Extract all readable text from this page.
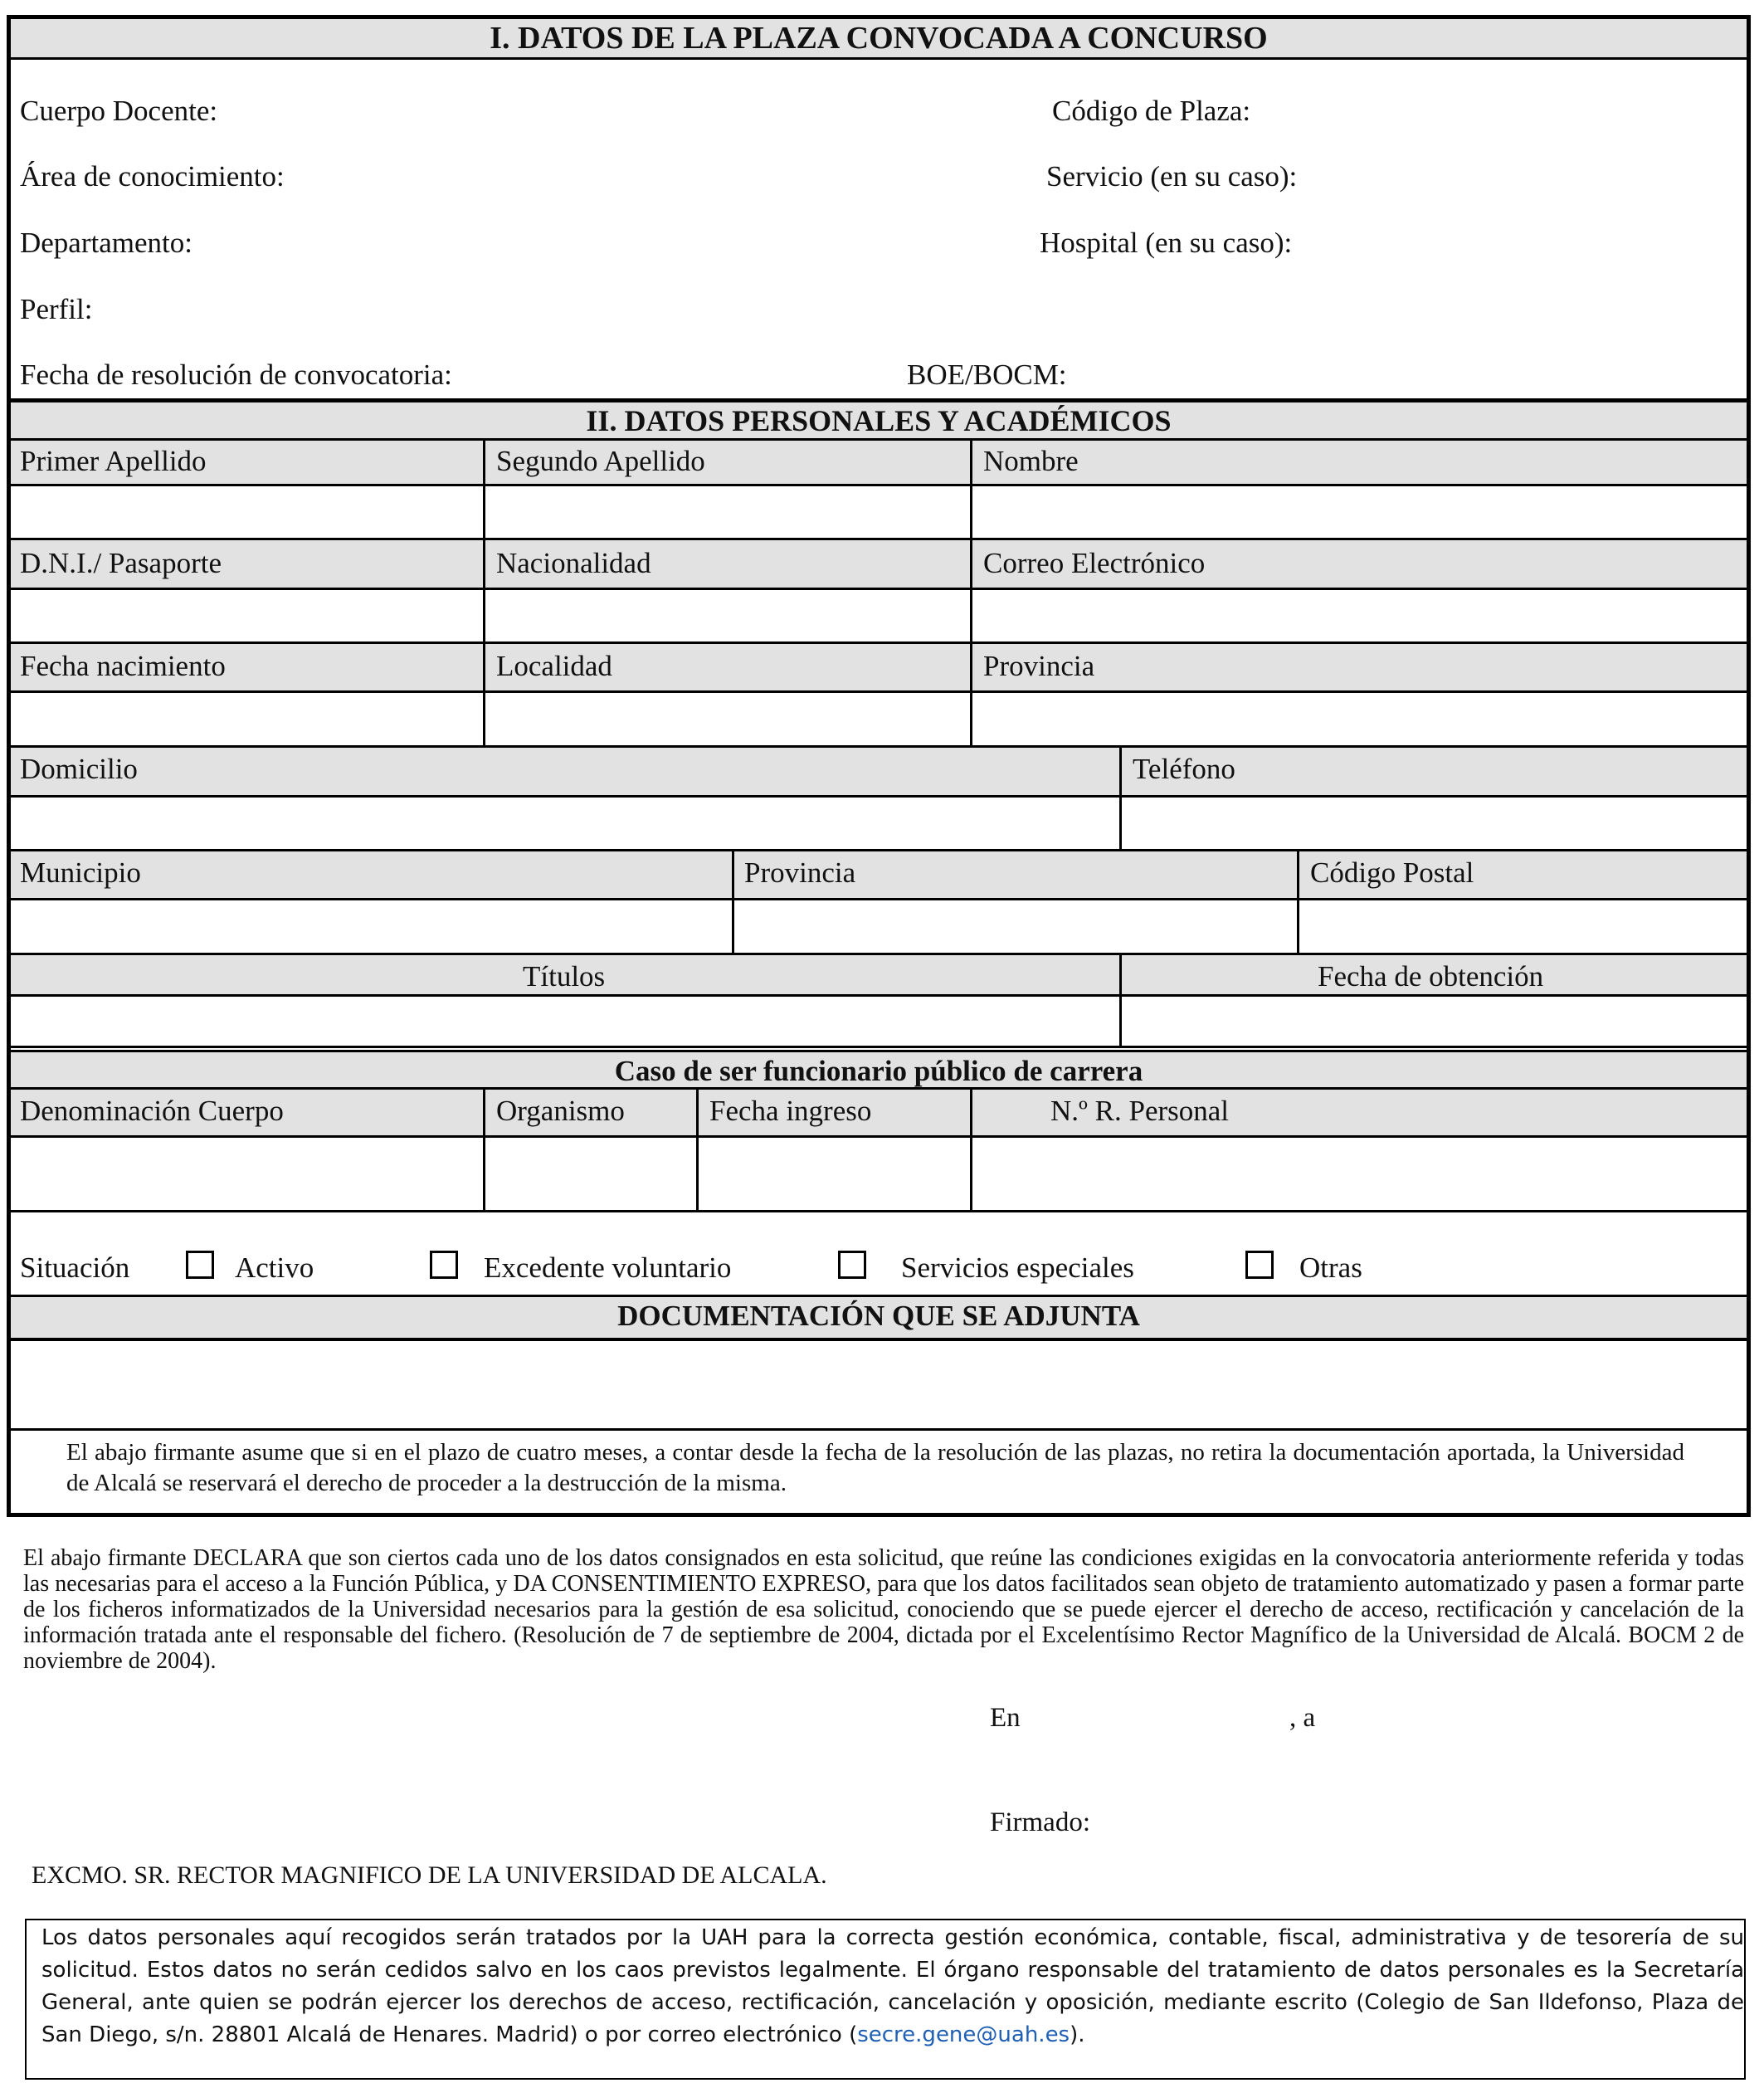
I. DATOS DE LA PLAZA CONVOCADA A CONCURSO
Cuerpo Docente:	Código de Plaza:
Área de conocimiento:	Servicio (en su caso):
Departamento:	Hospital (en su caso):
Perfil:
Fecha de resolución de convocatoria:	BOE/BOCM:
II. DATOS PERSONALES Y ACADÉMICOS
Primer Apellido	Segundo Apellido	Nombre
D.N.I./ Pasaporte	Nacionalidad	Correo Electrónico
Fecha nacimiento	Localidad	Provincia
Domicilio	Teléfono
Municipio	Provincia	Código Postal
Títulos	Fecha de obtención
Caso de ser funcionario público de carrera
Denominación Cuerpo	Organismo	Fecha ingreso	N.º R. Personal
Situación	Activo	Excedente voluntario	Servicios especiales	Otras
DOCUMENTACIÓN QUE SE ADJUNTA
El abajo firmante asume que si en el plazo de cuatro meses, a contar desde la fecha de la resolución de las plazas, no retira la documentación aportada, la Universidad de Alcalá se reservará el derecho de proceder a la destrucción de la misma.
El abajo firmante DECLARA que son ciertos cada uno de los datos consignados en esta solicitud, que reúne las condiciones exigidas en la convocatoria anteriormente referida y todas las necesarias para el acceso a la Función Pública, y DA CONSENTIMIENTO EXPRESO, para que los datos facilitados sean objeto de tratamiento automatizado y pasen a formar parte de los ficheros informatizados de la Universidad necesarios para la gestión de esa solicitud, conociendo que se puede ejercer el derecho de acceso, rectificación y cancelación de la información tratada ante el responsable del fichero. (Resolución de 7 de septiembre de 2004, dictada por el Excelentísimo Rector Magnífico de la Universidad de Alcalá. BOCM 2 de noviembre de 2004).
En	, a
Firmado:
EXCMO. SR. RECTOR MAGNIFICO DE LA UNIVERSIDAD DE ALCALA.
Los datos personales aquí recogidos serán tratados por la UAH para la correcta gestión económica, contable, fiscal, administrativa y de tesorería de su solicitud. Estos datos no serán cedidos salvo en los caos previstos legalmente. El órgano responsable del tratamiento de datos personales es la Secretaría General, ante quien se podrán ejercer los derechos de acceso, rectificación, cancelación y oposición, mediante escrito (Colegio de San Ildefonso, Plaza de San Diego, s/n. 28801 Alcalá de Henares. Madrid) o por correo electrónico (secre.gene@uah.es).
